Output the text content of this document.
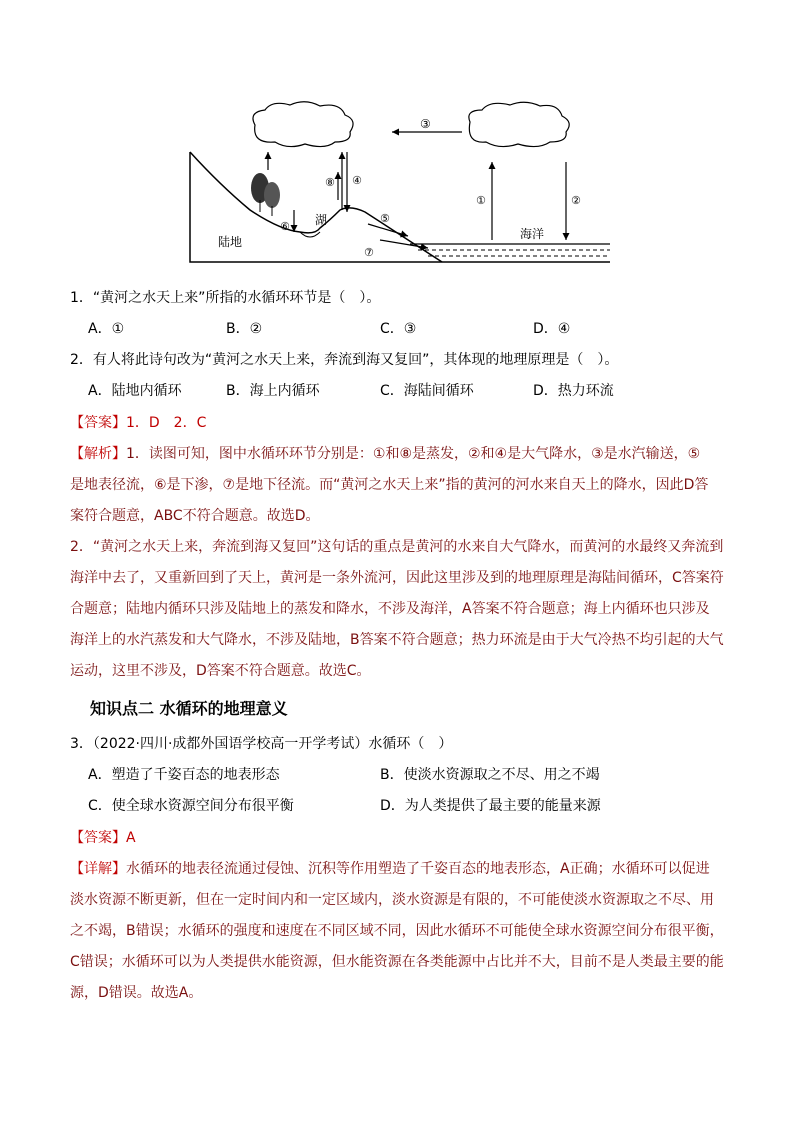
陆地
湖
海洋
③
⑧ ④
⑥
⑤
⑦
①	②
1．“黄河之水天上来”所指的水循环环节是（　）。
A．①	B．②	C．③	D．④
2．有人将此诗句改为“黄河之水天上来，奔流到海又复回”，其体现的地理原理是（　）。
A．陆地内循环	B．海上内循环	C．海陆间循环	D．热力环流
【答案】1．D　2．C
【解析】1．读图可知，图中水循环环节分别是：①和⑧是蒸发，②和④是大气降水，③是水汽输送，⑤
是地表径流，⑥是下渗，⑦是地下径流。而“黄河之水天上来”指的黄河的河水来自天上的降水，因此D答
案符合题意，ABC不符合题意。故选D。
2．“黄河之水天上来，奔流到海又复回”这句话的重点是黄河的水来自大气降水，而黄河的水最终又奔流到
海洋中去了，又重新回到了天上，黄河是一条外流河，因此这里涉及到的地理原理是海陆间循环，C答案符
合题意；陆地内循环只涉及陆地上的蒸发和降水，不涉及海洋，A答案不符合题意；海上内循环也只涉及
海洋上的水汽蒸发和大气降水，不涉及陆地，B答案不符合题意；热力环流是由于大气冷热不均引起的大气
运动，这里不涉及，D答案不符合题意。故选C。
知识点二 水循环的地理意义
3．（2022·四川·成都外国语学校高一开学考试）水循环（　）
A．塑造了千姿百态的地表形态	B．使淡水资源取之不尽、用之不竭
C．使全球水资源空间分布很平衡	D．为人类提供了最主要的能量来源
【答案】A
【详解】水循环的地表径流通过侵蚀、沉积等作用塑造了千姿百态的地表形态，A正确；水循环可以促进
淡水资源不断更新，但在一定时间内和一定区域内，淡水资源是有限的，不可能使淡水资源取之不尽、用
之不竭，B错误；水循环的强度和速度在不同区域不同，因此水循环不可能使全球水资源空间分布很平衡，
C错误；水循环可以为人类提供水能资源，但水能资源在各类能源中占比并不大，目前不是人类最主要的能
源，D错误。故选A。
